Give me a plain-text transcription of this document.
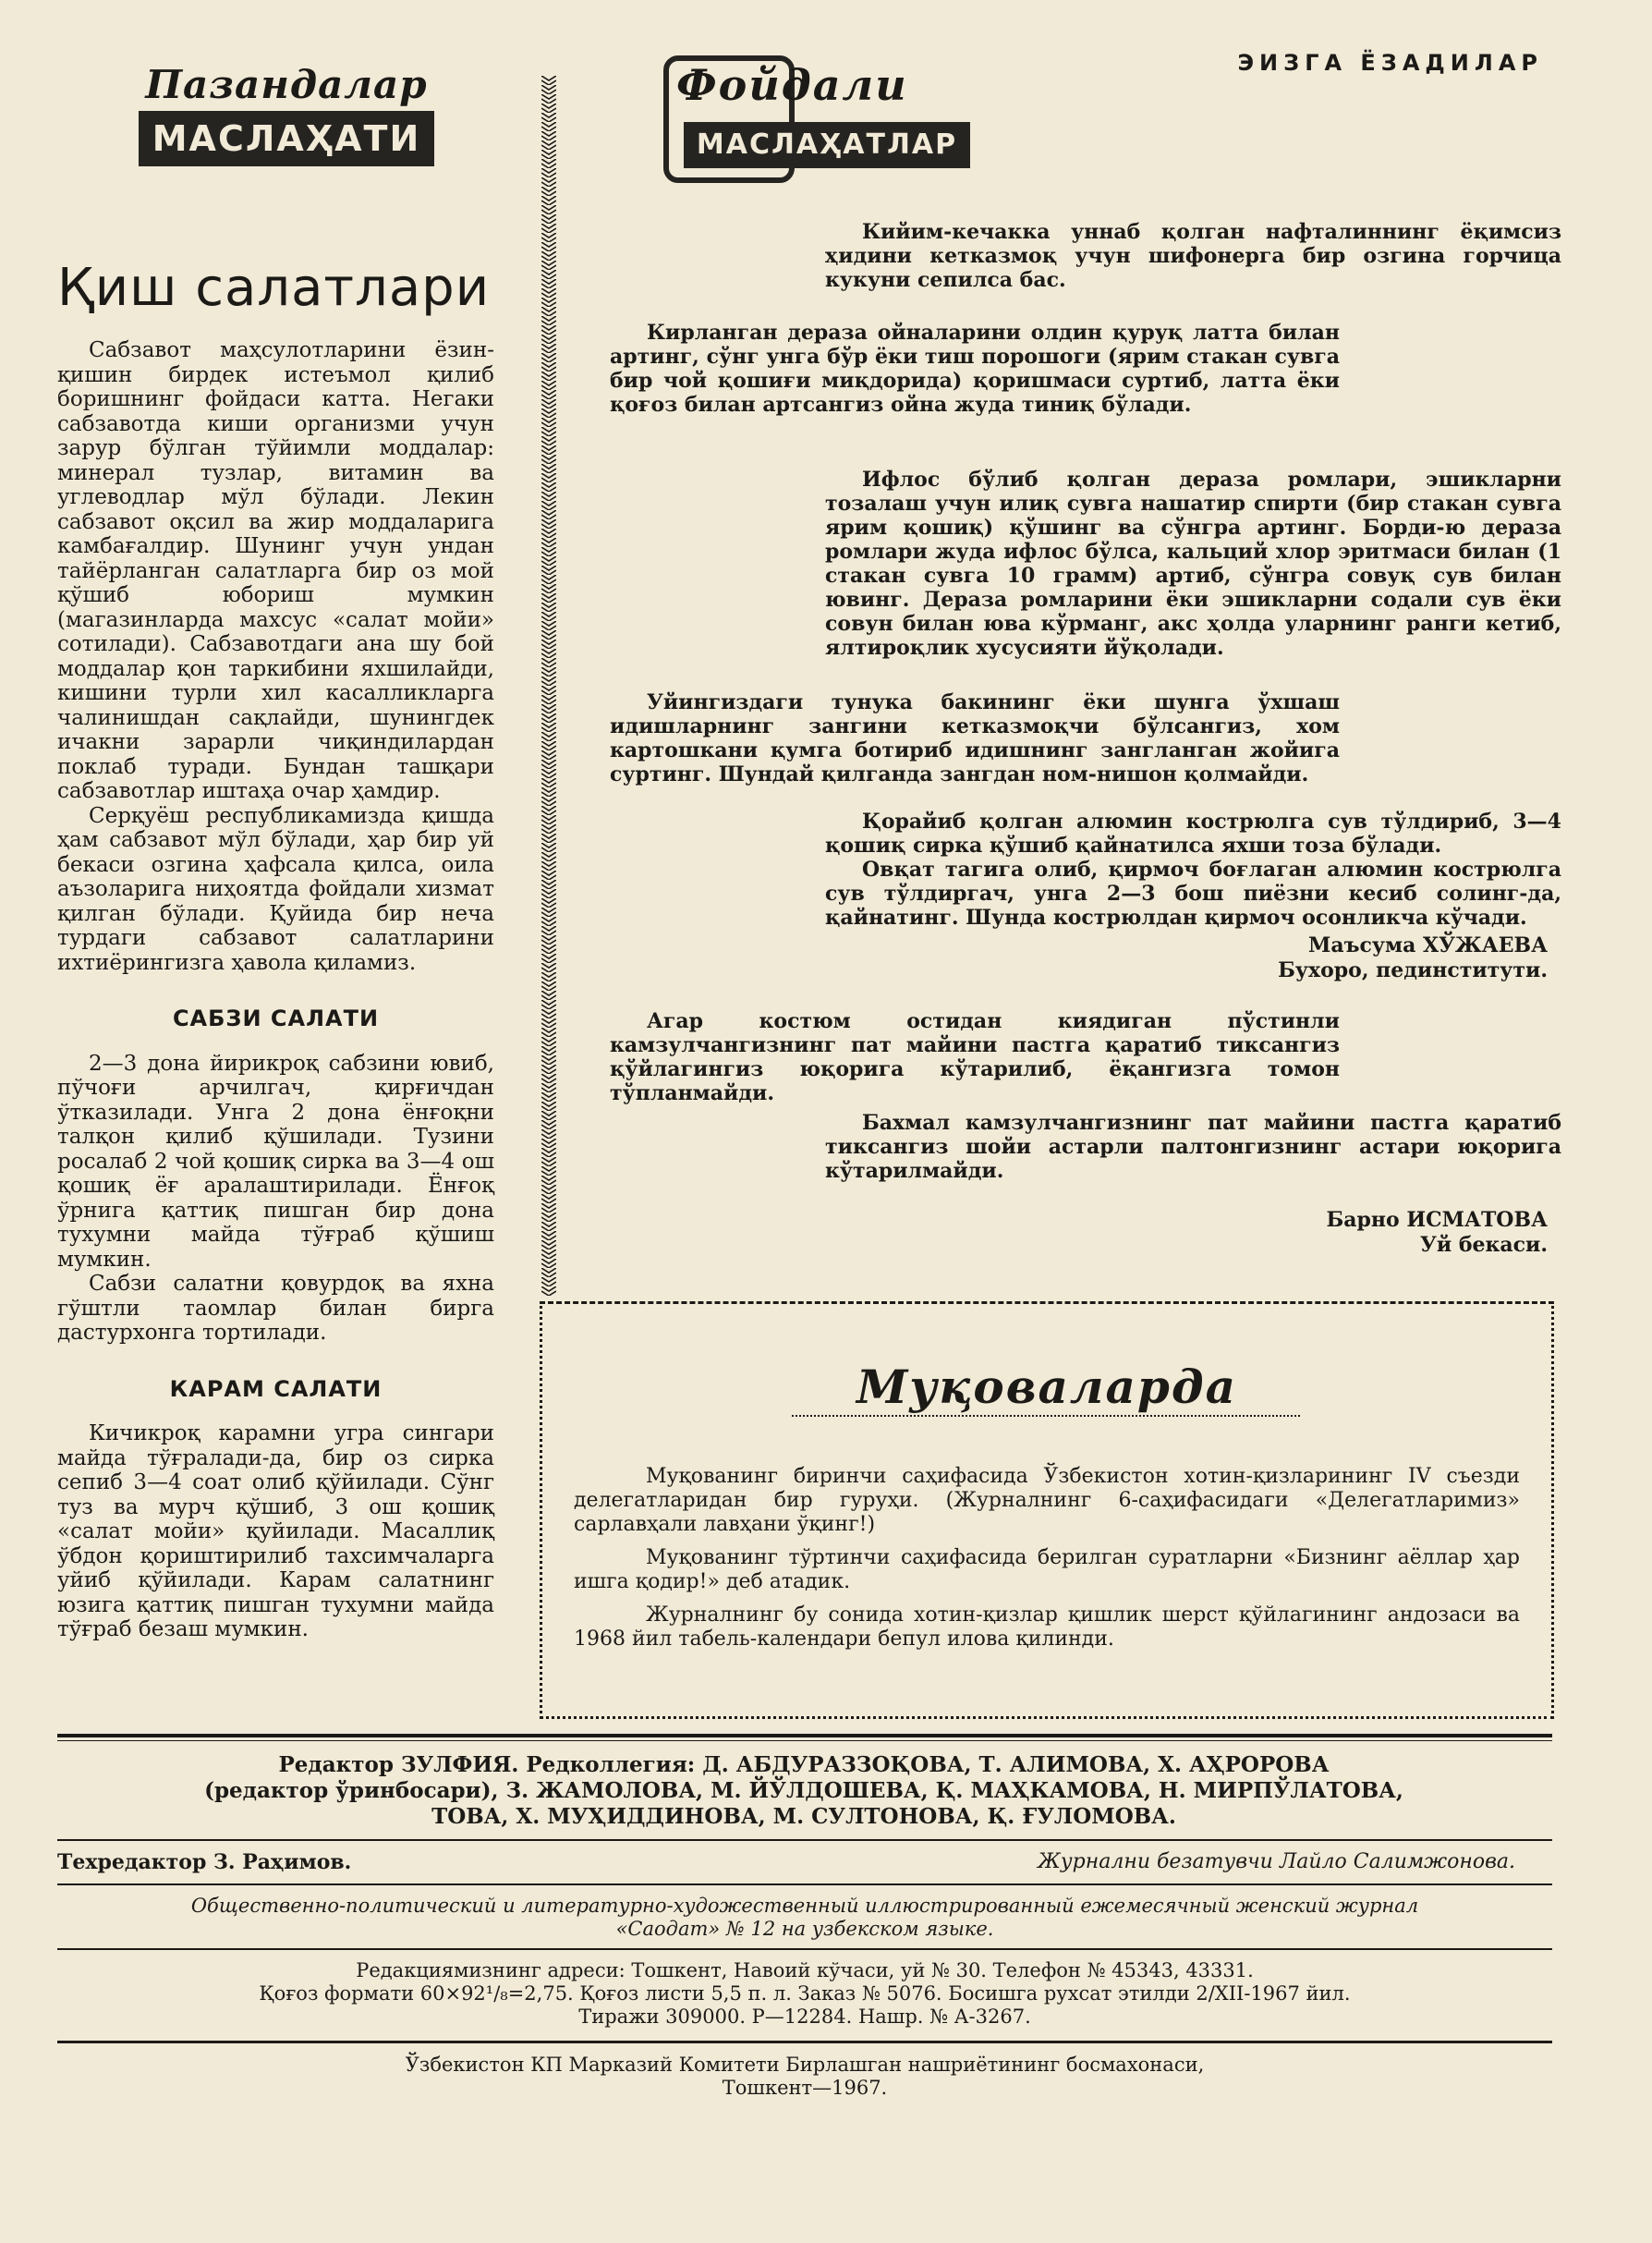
ЭИЗГА ЁЗАДИЛАР
Пазандалар
МАСЛАҲАТИ
Қиш салатлари

Сабзавот маҳсулотларини ёзин-қишин бирдек истеъмол қилиб боришнинг фойдаси катта. Негаки сабзавотда киши организми учун зарур бўлган тўйимли моддалар: минерал тузлар, витамин ва углеводлар мўл бўлади. Лекин сабзавот оқсил ва жир моддаларига камбағалдир. Шунинг учун ундан тайёрланган салатларга бир оз мой қўшиб юбориш мумкин (магазинларда махсус «салат мойи» сотилади). Сабзавотдаги ана шу бой моддалар қон таркибини яхшилайди, кишини турли хил касалликларга чалинишдан сақлайди, шунингдек ичакни зарарли чиқиндилардан поклаб туради. Бундан ташқари сабзавотлар иштаҳа очар ҳамдир.

Серқуёш республикамизда қишда ҳам сабзавот мўл бўлади, ҳар бир уй бекаси озгина ҳафсала қилса, оила аъзоларига ниҳоятда фойдали хизмат қилган бўлади. Қуйида бир неча турдаги сабзавот салатларини ихтиёрингизга ҳавола қиламиз.

САБЗИ САЛАТИ

2—3 дона йирикроқ сабзини ювиб, пўчоғи арчилгач, қирғичдан ўтказилади. Унга 2 дона ёнғоқни талқон қилиб қўшилади. Тузини росалаб 2 чой қошиқ сирка ва 3—4 ош қошиқ ёғ аралаштирилади. Ёнғоқ ўрнига қаттиқ пишган бир дона тухумни майда тўғраб қўшиш мумкин.

Сабзи салатни қовурдоқ ва яхна гўштли таомлар билан бирга дастурхонга тортилади.

КАРАМ САЛАТИ

Кичикроқ карамни угра сингари майда тўғралади-да, бир оз сирка сепиб 3—4 соат олиб қўйилади. Сўнг туз ва мурч қўшиб, 3 ош қошиқ «салат мойи» қуйилади. Масаллиқ ўбдон қориштирилиб тахсимчаларга уйиб қўйилади. Карам салатнинг юзига қаттиқ пишган тухумни майда тўғраб безаш мумкин.

Фойдали
МАСЛАҲАТЛАР

Кийим-кечакка уннаб қолган нафталиннинг ёқимсиз ҳидини кетказмоқ учун шифонерга бир озгина горчица кукуни сепилса бас.

Кирланган дераза ойналарини олдин қуруқ латта билан артинг, сўнг унга бўр ёки тиш порошоги (ярим стакан сувга бир чой қошиғи миқдорида) қоришмаси суртиб, латта ёки қоғоз билан артсангиз ойна жуда тиниқ бўлади.

Ифлос бўлиб қолган дераза ромлари, эшикларни тозалаш учун илиқ сувга нашатир спирти (бир стакан сувга ярим қошиқ) қўшинг ва сўнгра артинг. Борди-ю дераза ромлари жуда ифлос бўлса, кальций хлор эритмаси билан (1 стакан сувга 10 грамм) артиб, сўнгра совуқ сув билан ювинг. Дераза ромларини ёки эшикларни содали сув ёки совун билан юва кўрманг, акс ҳолда уларнинг ранги кетиб, ялтироқлик хусусияти йўқолади.

Уйингиздаги тунука бакининг ёки шунга ўхшаш идишларнинг зангини кетказмоқчи бўлсангиз, хом картошкани қумга ботириб идишнинг зангланган жойига суртинг. Шундай қилганда зангдан ном-нишон қолмайди.

Қорайиб қолган алюмин кострюлга сув тўлдириб, 3—4 қошиқ сирка қўшиб қайнатилса яхши тоза бўлади.

Овқат тагига олиб, қирмоч боғлаган алюмин кострюлга сув тўлдиргач, унга 2—3 бош пиёзни кесиб солинг-да, қайнатинг. Шунда кострюлдан қирмоч осонликча кўчади.

Маъсума ХЎЖАЕВА
Бухоро, пединститути.

Агар костюм остидан киядиган пўстинли камзулчангизнинг пат майини пастга қаратиб тикcангиз қўйлагингиз юқорига кўтарилиб, ёқангизга томон тўпланмайди.

Бахмал камзулчангизнинг пат майини пастга қаратиб тиксангиз шойи астарли палтонгизнинг астари юқорига кўтарилмайди.

Барно ИСМАТОВА
Уй бекаси.
Муқоваларда

Муқованинг биринчи саҳифасида Ўзбекистон хотин-қизларининг IV съезди делегатларидан бир гуруҳи. (Журналнинг 6-саҳифасидаги «Делегатларимиз» сарлавҳали лавҳани ўқинг!)

Муқованинг тўртинчи саҳифасида берилган суратларни «Бизнинг аёллар ҳар ишга қодир!» деб атадик.

Журналнинг бу сонида хотин-қизлар қишлик шерст қўйлагининг андозаси ва 1968 йил табель-календари бепул илова қилинди.

Редактор ЗУЛФИЯ. Редколлегия: Д. АБДУРАЗЗОҚОВА, Т. АЛИМОВА, Х. АҲРОРОВА
(редактор ўринбосари), З. ЖАМОЛОВА, М. ЙЎЛДОШЕВА, Қ. МАҲКАМОВА, Н. МИРПЎЛАТОВА,
ТОВА, Х. МУҲИДДИНОВА, М. СУЛТОНОВА, Қ. ҒУЛОМОВА.
Техредактор З. Раҳимов.	Журнални безатувчи Лайло Салимжонова.
Общественно-политический и литературно-художественный иллюстрированный ежемесячный женский журнал
«Саодат» № 12 на узбекском языке.
Редакциямизнинг адреси: Тошкент, Навоий кўчаси, уй № 30. Телефон № 45343, 43331.
Қоғоз формати 60×92¹/₈=2,75. Қоғоз листи 5,5 п. л. Заказ № 5076. Босишга рухсат этилди 2/XII-1967 йил.
Тиражи 309000. Р—12284. Нашр. № А-3267.
Ўзбекистон КП Марказий Комитети Бирлашган нашриётининг босмахонаси,
Тошкент—1967.
